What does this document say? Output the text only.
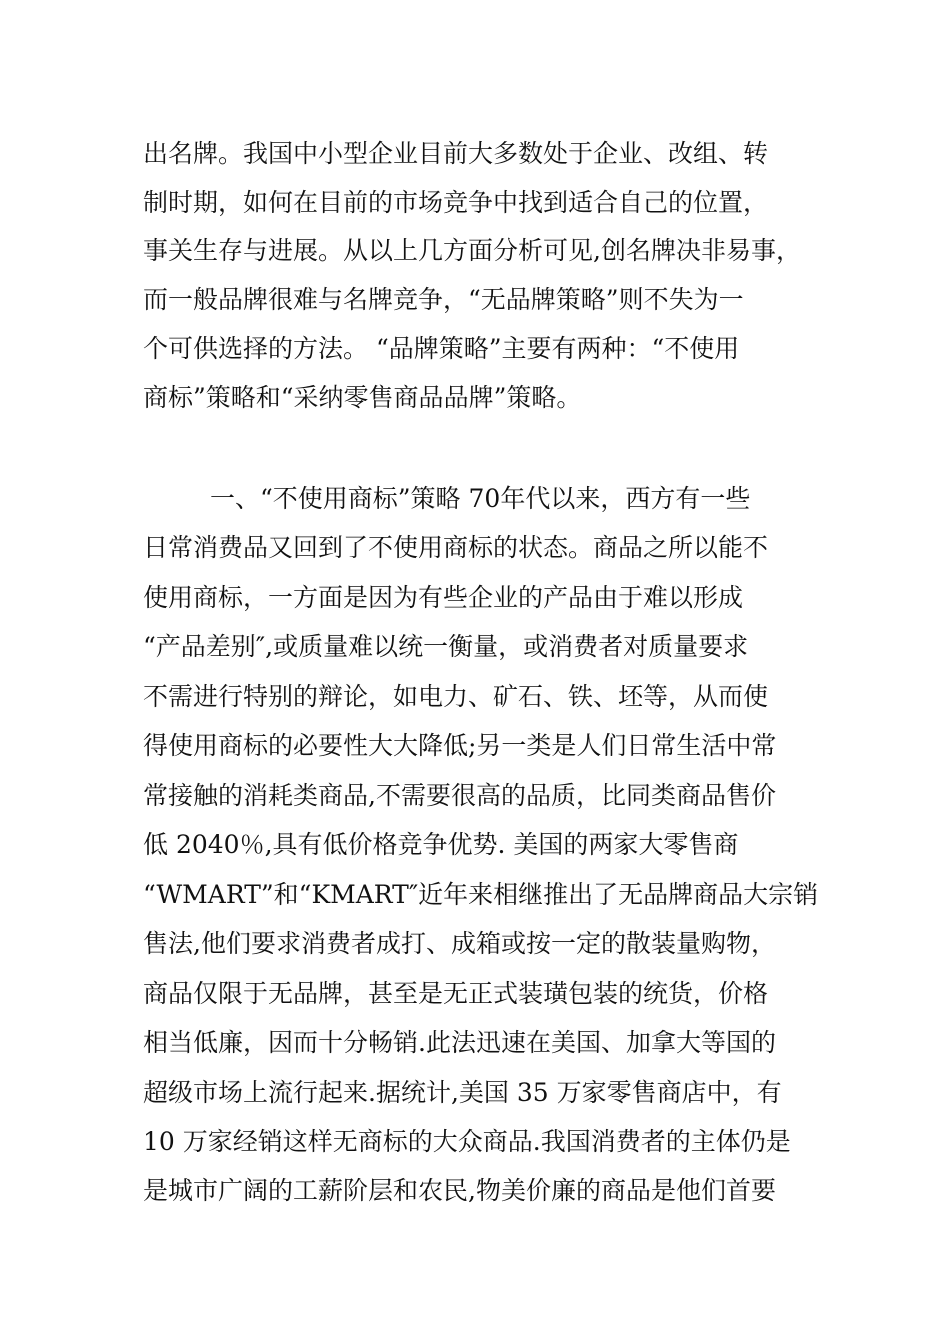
出名牌。我国中小型企业目前大多数处于企业、改组、转

制时期，如何在目前的市场竞争中找到适合自己的位置，

事关生存与进展。从以上几方面分析可见,创名牌决非易事，

而一般品牌很难与名牌竞争，“无品牌策略”则不失为一

个可供选择的方法。 “品牌策略”主要有两种：“不使用

商标”策略和“采纳零售商品品牌”策略。

一、“不使用商标”策略 70年代以来，西方有一些

日常消费品又回到了不使用商标的状态。商品之所以能不

使用商标，一方面是因为有些企业的产品由于难以形成

“产品差别″,或质量难以统一衡量，或消费者对质量要求

不需进行特别的辩论，如电力、矿石、铁、坯等，从而使

得使用商标的必要性大大降低;另一类是人们日常生活中常

常接触的消耗类商品,不需要很高的品质，比同类商品售价

低 2040％,具有低价格竞争优势. 美国的两家大零售商

“WMART”和“KMART″近年来相继推出了无品牌商品大宗销

售法,他们要求消费者成打、成箱或按一定的散装量购物，

商品仅限于无品牌，甚至是无正式装璜包装的统货，价格

相当低廉，因而十分畅销.此法迅速在美国、加拿大等国的

超级市场上流行起来.据统计,美国 35 万家零售商店中，有

10 万家经销这样无商标的大众商品.我国消费者的主体仍是

是城市广阔的工薪阶层和农民,物美价廉的商品是他们首要
